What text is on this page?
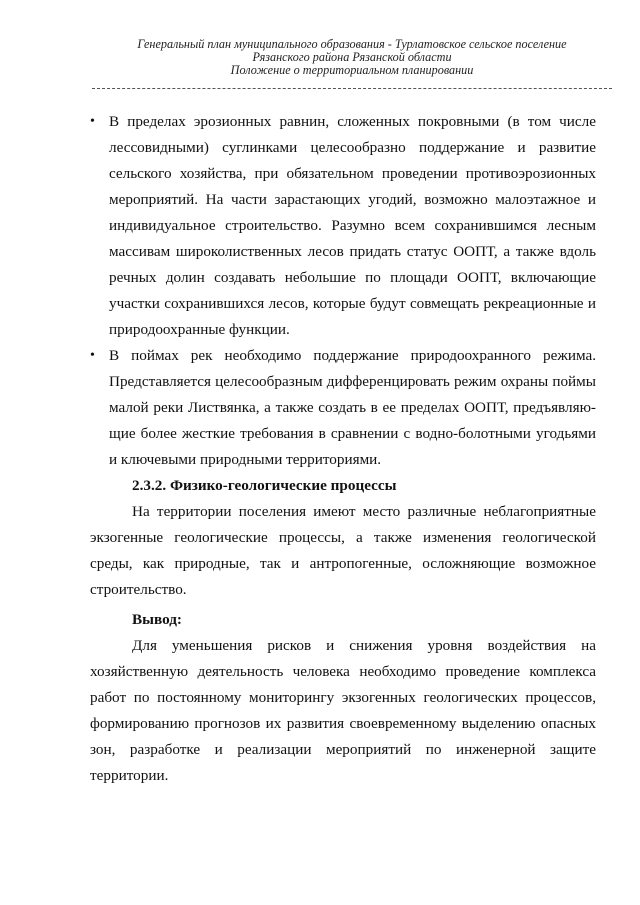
Генеральный план муниципального образования - Турлатовское сельское поселение
Рязанского района Рязанской области
Положение о территориальном планировании
• В пределах эрозионных равнин, сложенных покровными (в том числе лессовидными) суглинками целесообразно поддержание и развитие сельского хозяйства, при обязательном проведении противоэрозионных мероприятий. На части зарастающих угодий, возможно малоэтажное и индивидуальное строительство. Разумно всем сохранившимся лесным массивам широколиственных лесов придать статус ООПТ, а также вдоль речных долин создавать небольшие по площади ООПТ, включающие участки сохранившихся лесов, которые будут совмещать рекреационные и природоохранные функции.
• В поймах рек необходимо поддержание природоохранного режима. Представляется целесообразным дифференцировать режим охраны поймы малой реки Листвянка, а также создать в ее пределах ООПТ, предъявляю-щие более жесткие требования в сравнении с водно-болотными угодьями и ключевыми природными территориями.

2.3.2. Физико-геологические процессы

На территории поселения имеют место различные неблагоприятные экзогенные геологические процессы, а также изменения геологической среды, как природные, так и антропогенные, осложняющие возможное строительство.

Вывод:

Для уменьшения рисков и снижения уровня воздействия на хозяйственную деятельность человека необходимо проведение комплекса работ по постоянному мониторингу экзогенных геологических процессов, формированию прогнозов их развития своевременному выделению опасных зон, разработке и реализации мероприятий по инженерной защите территории.
